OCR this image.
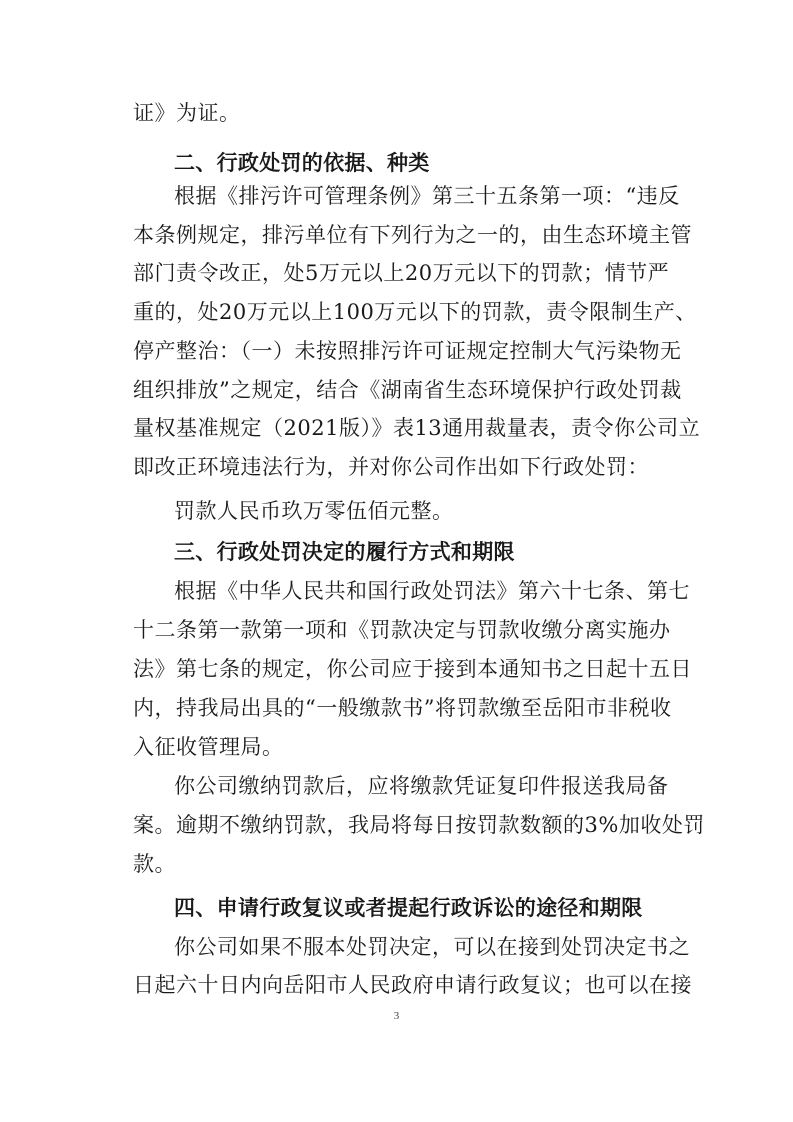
证》为证。

二、行政处罚的依据、种类

根据《排污许可管理条例》第三十五条第一项：“违反

本条例规定，排污单位有下列行为之一的，由生态环境主管

部门责令改正，处5万元以上20万元以下的罚款；情节严

重的，处20万元以上100万元以下的罚款，责令限制生产、

停产整治：（一）未按照排污许可证规定控制大气污染物无

组织排放”之规定，结合《湖南省生态环境保护行政处罚裁

量权基准规定（2021版）》表13通用裁量表，责令你公司立

即改正环境违法行为，并对你公司作出如下行政处罚：

罚款人民币玖万零伍佰元整。

三、行政处罚决定的履行方式和期限

根据《中华人民共和国行政处罚法》第六十七条、第七

十二条第一款第一项和《罚款决定与罚款收缴分离实施办

法》第七条的规定，你公司应于接到本通知书之日起十五日

内，持我局出具的“一般缴款书”将罚款缴至岳阳市非税收

入征收管理局。

你公司缴纳罚款后，应将缴款凭证复印件报送我局备

案。逾期不缴纳罚款，我局将每日按罚款数额的3%加收处罚

款。

四、申请行政复议或者提起行政诉讼的途径和期限

你公司如果不服本处罚决定，可以在接到处罚决定书之

日起六十日内向岳阳市人民政府申请行政复议；也可以在接

3
